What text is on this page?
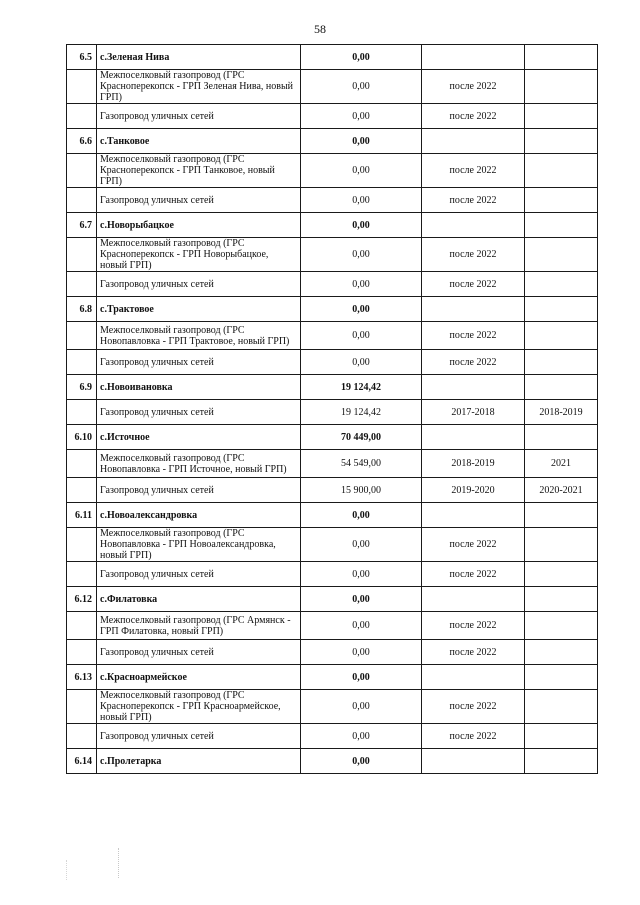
58
6.5	с.Зеленая Нива	0,00		
	Межпоселковый газопровод (ГРС Красноперекопск - ГРП Зеленая Нива, новый ГРП)	0,00	после 2022	
	Газопровод уличных сетей	0,00	после 2022	
6.6	с.Танковое	0,00		
	Межпоселковый газопровод (ГРС Красноперекопск - ГРП Танковое, новый ГРП)	0,00	после 2022	
	Газопровод уличных сетей	0,00	после 2022	
6.7	с.Новорыбацкое	0,00		
	Межпоселковый газопровод (ГРС Красноперекопск - ГРП Новорыбацкое, новый ГРП)	0,00	после 2022	
	Газопровод уличных сетей	0,00	после 2022	
6.8	с.Трактовое	0,00		
	Межпоселковый газопровод (ГРС Новопавловка - ГРП Трактовое, новый ГРП)	0,00	после 2022	
	Газопровод уличных сетей	0,00	после 2022	
6.9	с.Новоивановка	19 124,42		
	Газопровод уличных сетей	19 124,42	2017-2018	2018-2019
6.10	с.Источное	70 449,00		
	Межпоселковый газопровод (ГРС Новопавловка - ГРП Источное, новый ГРП)	54 549,00	2018-2019	2021
	Газопровод уличных сетей	15 900,00	2019-2020	2020-2021
6.11	с.Новоалександровка	0,00		
	Межпоселковый газопровод (ГРС Новопавловка - ГРП Новоалександровка, новый ГРП)	0,00	после 2022	
	Газопровод уличных сетей	0,00	после 2022	
6.12	с.Филатовка	0,00		
	Межпоселковый газопровод (ГРС Армянск - ГРП Филатовка, новый ГРП)	0,00	после 2022	
	Газопровод уличных сетей	0,00	после 2022	
6.13	с.Красноармейское	0,00		
	Межпоселковый газопровод (ГРС Красноперекопск - ГРП Красноармейское, новый ГРП)	0,00	после 2022	
	Газопровод уличных сетей	0,00	после 2022	
6.14	с.Пролетарка	0,00		
